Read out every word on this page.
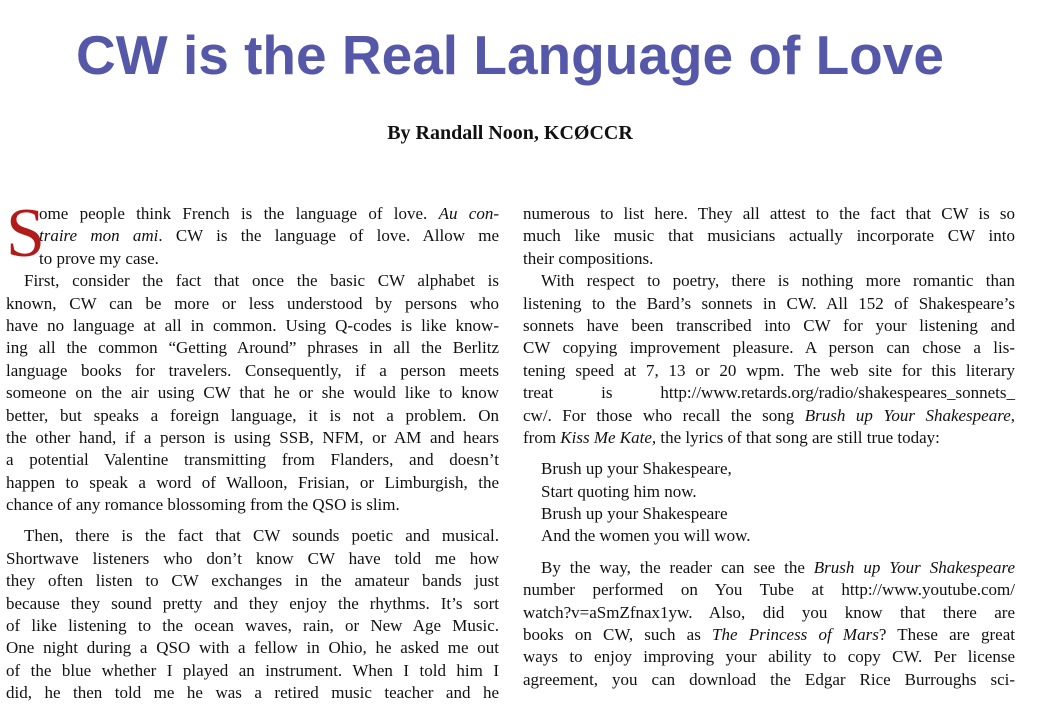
CW is the Real Language of Love
By Randall Noon, KCØCCR
S
ome people think French is the language of love. Au con-
traire mon ami. CW is the language of love. Allow me
to prove my case.
First, consider the fact that once the basic CW alphabet is
known, CW can be more or less understood by persons who
have no language at all in common. Using Q-codes is like know-
ing all the common “Getting Around” phrases in all the Berlitz
language books for travelers. Consequently, if a person meets
someone on the air using CW that he or she would like to know
better, but speaks a foreign language, it is not a problem. On
the other hand, if a person is using SSB, NFM, or AM and hears
a potential Valentine transmitting from Flanders, and doesn’t
happen to speak a word of Walloon, Frisian, or Limburgish, the
chance of any romance blossoming from the QSO is slim.
Then, there is the fact that CW sounds poetic and musical.
Shortwave listeners who don’t know CW have told me how
they often listen to CW exchanges in the amateur bands just
because they sound pretty and they enjoy the rhythms. It’s sort
of like listening to the ocean waves, rain, or New Age Music.
One night during a QSO with a fellow in Ohio, he asked me out
of the blue whether I played an instrument. When I told him I
did, he then told me he was a retired music teacher and he
numerous to list here. They all attest to the fact that CW is so
much like music that musicians actually incorporate CW into
their compositions.
With respect to poetry, there is nothing more romantic than
listening to the Bard’s sonnets in CW. All 152 of Shakespeare’s
sonnets have been transcribed into CW for your listening and
CW copying improvement pleasure. A person can chose a lis-
tening speed at 7, 13 or 20 wpm. The web site for this literary
treat is http://www.retards.org/radio/shakespeares_sonnets_
cw/. For those who recall the song Brush up Your Shakespeare,
from Kiss Me Kate, the lyrics of that song are still true today:
Brush up your Shakespeare,
Start quoting him now.
Brush up your Shakespeare
And the women you will wow.
By the way, the reader can see the Brush up Your Shakespeare
number performed on You Tube at http://www.youtube.com/
watch?v=aSmZfnax1yw. Also, did you know that there are
books on CW, such as The Princess of Mars? These are great
ways to enjoy improving your ability to copy CW. Per license
agreement, you can download the Edgar Rice Burroughs sci-
